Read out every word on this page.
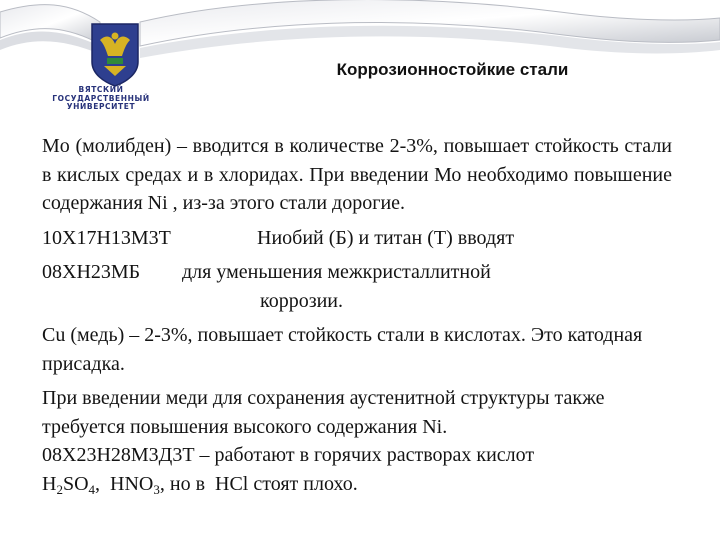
ВЯТСКИЙ
ГОСУДАРСТВЕННЫЙ
УНИВЕРСИТЕТ
Коррозионностойкие стали

Mo (молибден) – вводится в количестве 2-3%, повышает стойкость стали в кислых средах и в хлоридах. При введении Мо необходимо повышение содержания Ni , из-за этого стали дорогие.

10Х17Н13М3Т	Ниобий (Б) и титан (Т) вводят
08ХН23МБ	для уменьшения межкристаллитной

коррозии.

Cu (медь) – 2-3%, повышает стойкость стали в кислотах. Это катодная присадка.

При введении меди для сохранения аустенитной структуры также требуется повышения высокого содержания Ni.

08Х23Н28М3Д3Т – работают в горячих растворах кислот
$H_2SO_4$,  $HNO_3$, но в  HCl стоят плохо.
